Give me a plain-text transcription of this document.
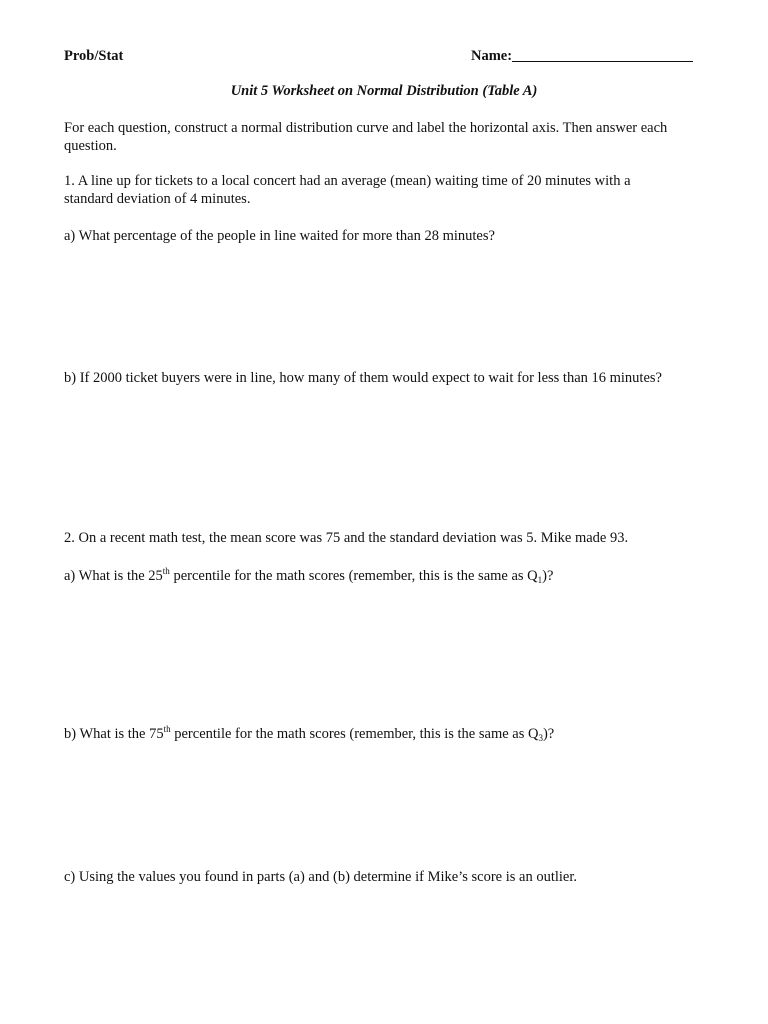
Prob/Stat	Name:
Unit 5 Worksheet on Normal Distribution (Table A)
For each question, construct a normal distribution curve and label the horizontal axis. Then answer each question.
1. A line up for tickets to a local concert had an average (mean) waiting time of 20 minutes with a standard deviation of 4 minutes.
a) What percentage of the people in line waited for more than 28 minutes?
b) If 2000 ticket buyers were in line, how many of them would expect to wait for less than 16 minutes?
2. On a recent math test, the mean score was 75 and the standard deviation was 5. Mike made 93.
a) What is the 25th percentile for the math scores (remember, this is the same as $Q_1$)?
b) What is the 75th percentile for the math scores (remember, this is the same as $Q_3$)?
c) Using the values you found in parts (a) and (b) determine if Mike’s score is an outlier.
